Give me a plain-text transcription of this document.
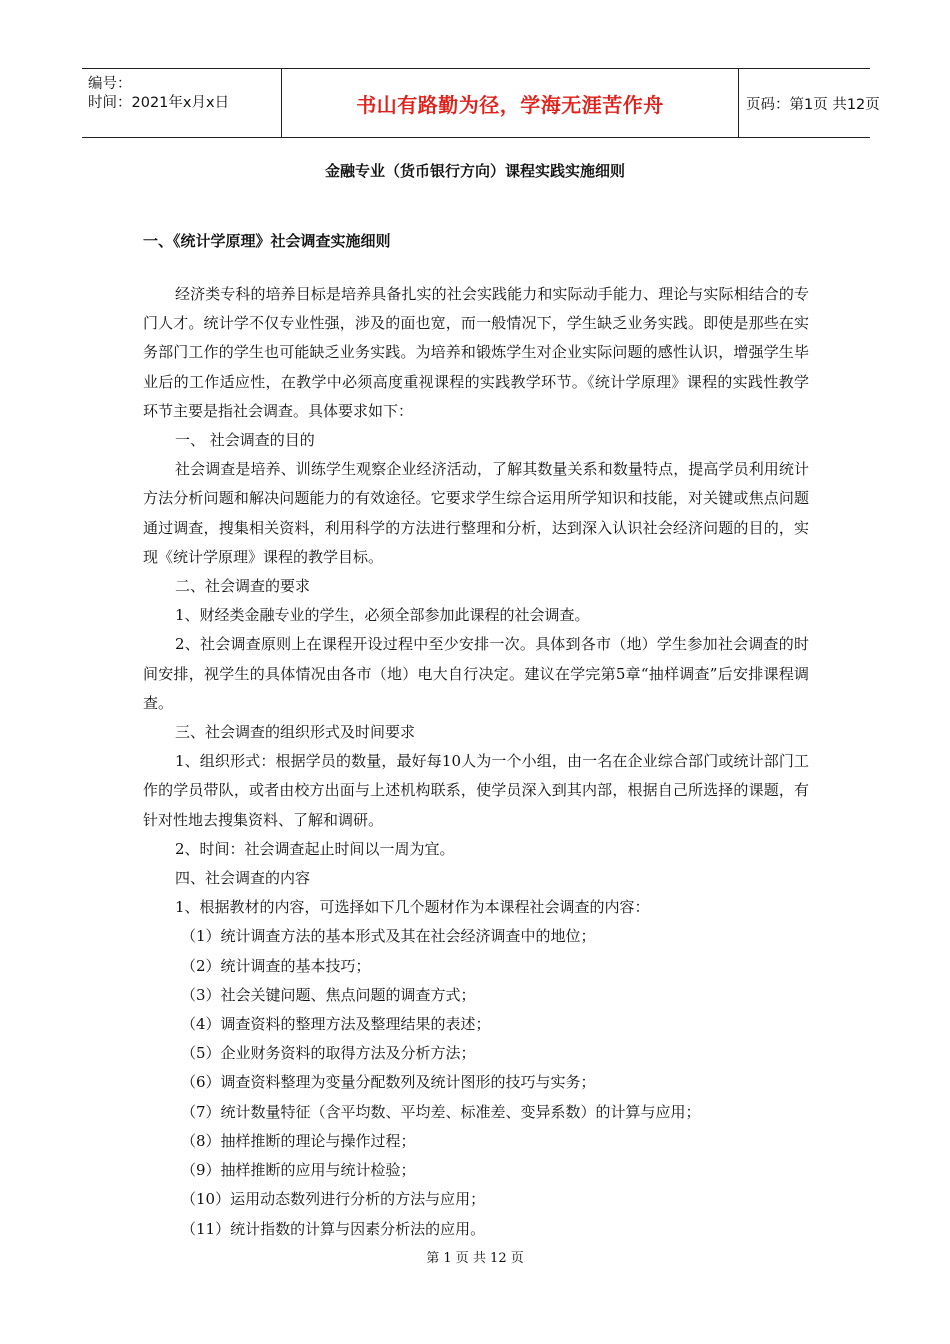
编号：
时间：2021年x月x日	书山有路勤为径，学海无涯苦作舟	页码：第1页 共12页
金融专业（货币银行方向）课程实践实施细则
一、《统计学原理》社会调查实施细则

经济类专科的培养目标是培养具备扎实的社会实践能力和实际动手能力、理论与实际相结合的专门人才。统计学不仅专业性强，涉及的面也宽，而一般情况下，学生缺乏业务实践。即使是那些在实务部门工作的学生也可能缺乏业务实践。为培养和锻炼学生对企业实际问题的感性认识，增强学生毕业后的工作适应性，在教学中必须高度重视课程的实践教学环节。《统计学原理》课程的实践性教学环节主要是指社会调查。具体要求如下：

一、 社会调查的目的

社会调查是培养、训练学生观察企业经济活动，了解其数量关系和数量特点，提高学员利用统计方法分析问题和解决问题能力的有效途径。它要求学生综合运用所学知识和技能，对关键或焦点问题通过调查，搜集相关资料，利用科学的方法进行整理和分析，达到深入认识社会经济问题的目的，实现《统计学原理》课程的教学目标。

二、社会调查的要求

1、财经类金融专业的学生，必须全部参加此课程的社会调查。

2、社会调查原则上在课程开设过程中至少安排一次。具体到各市（地）学生参加社会调查的时间安排，视学生的具体情况由各市（地）电大自行决定。建议在学完第5章“抽样调查”后安排课程调查。

三、社会调查的组织形式及时间要求

1、组织形式：根据学员的数量，最好每10人为一个小组，由一名在企业综合部门或统计部门工作的学员带队，或者由校方出面与上述机构联系，使学员深入到其内部，根据自己所选择的课题，有针对性地去搜集资料、了解和调研。

2、时间：社会调查起止时间以一周为宜。

四、社会调查的内容

1、根据教材的内容，可选择如下几个题材作为本课程社会调查的内容：

（1）统计调查方法的基本形式及其在社会经济调查中的地位；

（2）统计调查的基本技巧；

（3）社会关键问题、焦点问题的调查方式；

（4）调查资料的整理方法及整理结果的表述；

（5）企业财务资料的取得方法及分析方法；

（6）调查资料整理为变量分配数列及统计图形的技巧与实务；

（7）统计数量特征（含平均数、平均差、标准差、变异系数）的计算与应用；

（8）抽样推断的理论与操作过程；

（9）抽样推断的应用与统计检验；

（10）运用动态数列进行分析的方法与应用；

（11）统计指数的计算与因素分析法的应用。

第 1 页 共 12 页
